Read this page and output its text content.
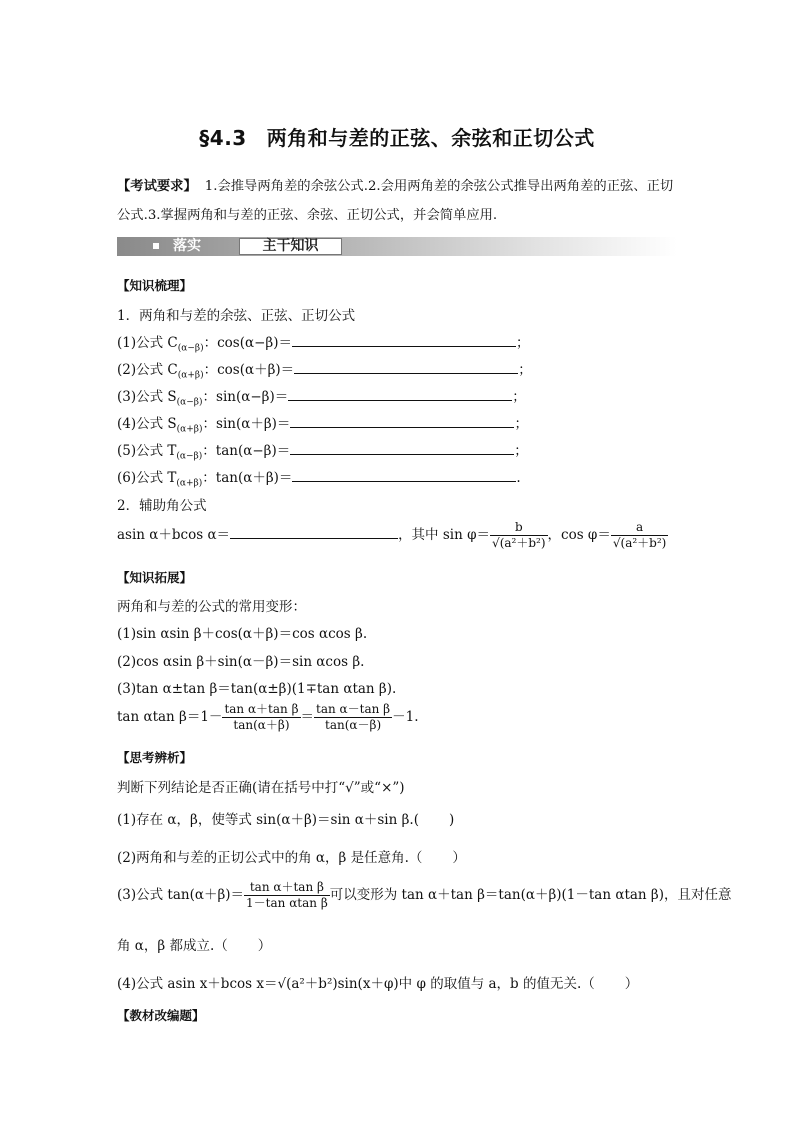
§4.3 两角和与差的正弦、余弦和正切公式
【考试要求】 1.会推导两角差的余弦公式.2.会用两角差的余弦公式推导出两角差的正弦、正切公式.3.掌握两角和与差的正弦、余弦、正切公式，并会简单应用.
落实	主干知识
【知识梳理】
1．两角和与差的余弦、正弦、正切公式
(1)公式 $C_{(\alpha-\beta)}$：cos(α−β)＝	；
(2)公式 $C_{(\alpha+\beta)}$：cos(α＋β)＝	；
(3)公式 $S_{(\alpha-\beta)}$：sin(α−β)＝	；
(4)公式 $S_{(\alpha+\beta)}$：sin(α＋β)＝	；
(5)公式 $T_{(\alpha-\beta)}$：tan(α−β)＝	；
(6)公式 $T_{(\alpha+\beta)}$：tan(α＋β)＝	.
2．辅助角公式
asin α＋bcos α＝	，其中 $\sin \varphi= \frac{b}{\text{√(a²＋b²)}}$ ，$\cos \varphi= \frac{a}{\text{√(a²＋b²)}}$
【知识拓展】
两角和与差的公式的常用变形：
(1)sin αsin β＋cos(α＋β)＝cos αcos β.
(2)cos αsin β＋sin(α－β)＝sin αcos β.
(3)tan α±tan β＝tan(α±β)(1∓tan αtan β).
tan αtan $\beta=1- \frac{\text{tan α＋tan β}}{\tan(\alpha+\beta)} = \frac{\text{tan α－tan β}}{\tan(\alpha-\beta)} -1$.
【思考辨析】
判断下列结论是否正确(请在括号中打“√”或“×”)
(1)存在 α，β，使等式 sin(α＋β)＝sin α＋sin β.( )
(2)两角和与差的正切公式中的角 α，β 是任意角.（ ）
(3)公式 $\tan(\alpha+\beta)= \frac{\text{tan α＋tan β}}{\text{1－tan αtan β}}$ 可以变形为 tan α＋tan β＝tan(α＋β)(1－tan αtan β)，且对任意
角 α，β 都成立.（ ）
(4)公式 asin x＋bcos x＝√(a²＋b²)sin(x＋φ)中 φ 的取值与 a，b 的值无关.（ ）
【教材改编题】
